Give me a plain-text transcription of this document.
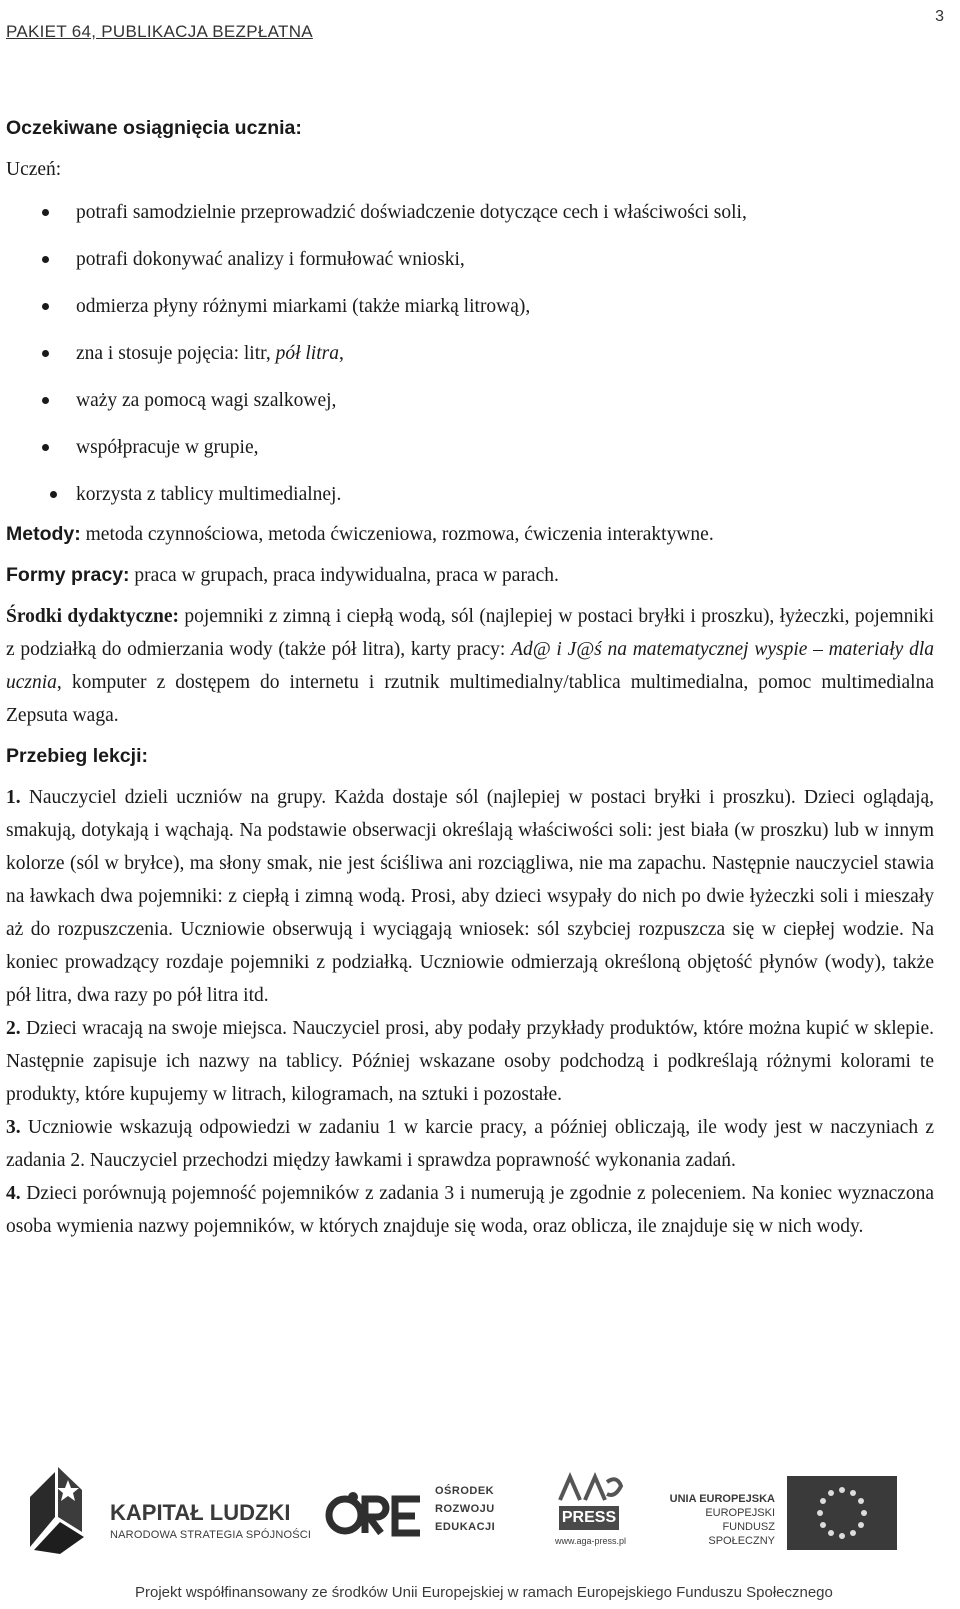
PAKIET 64, PUBLIKACJA BEZPŁATNA
3

Oczekiwane osiągnięcia ucznia:

Uczeń:

potrafi samodzielnie przeprowadzić doświadczenie dotyczące cech i właściwości soli,
potrafi dokonywać analizy i formułować wnioski,
odmierza płyny różnymi miarkami (także miarką litrową),
zna i stosuje pojęcia: litr, pół litra,
waży za pomocą wagi szalkowej,
współpracuje w grupie,
korzysta z tablicy multimedialnej.

Metody: metoda czynnościowa, metoda ćwiczeniowa, rozmowa, ćwiczenia interaktywne.

Formy pracy: praca w grupach, praca indywidualna, praca w parach.

Środki dydaktyczne: pojemniki z zimną i ciepłą wodą, sól (najlepiej w postaci bryłki i proszku), łyżeczki, pojemniki z podziałką do odmierzania wody (także pół litra), karty pracy: Ad@ i J@ś na matematycznej wyspie – materiały dla ucznia, komputer z dostępem do internetu i rzutnik multimedialny/tablica multimedialna, pomoc multimedialna Zepsuta waga.

Przebieg lekcji:

1. Nauczyciel dzieli uczniów na grupy. Każda dostaje sól (najlepiej w postaci bryłki i proszku). Dzieci oglądają, smakują, dotykają i wąchają. Na podstawie obserwacji określają właściwości soli: jest biała (w proszku) lub w innym kolorze (sól w bryłce), ma słony smak, nie jest ściśliwa ani rozciągliwa, nie ma zapachu. Następnie nauczyciel stawia na ławkach dwa pojemniki: z ciepłą i zimną wodą. Prosi, aby dzieci wsypały do nich po dwie łyżeczki soli i mieszały aż do rozpuszczenia. Uczniowie obserwują i wyciągają wniosek: sól szybciej rozpuszcza się w ciepłej wodzie. Na koniec prowadzący rozdaje pojemniki z podziałką. Uczniowie odmierzają określoną objętość płynów (wody), także pół litra, dwa razy po pół litra itd.

2. Dzieci wracają na swoje miejsca. Nauczyciel prosi, aby podały przykłady produktów, które można kupić w sklepie. Następnie zapisuje ich nazwy na tablicy. Później wskazane osoby podchodzą i podkreślają różnymi kolorami te produkty, które kupujemy w litrach, kilogramach, na sztuki i pozostałe.

3. Uczniowie wskazują odpowiedzi w zadaniu 1 w karcie pracy, a później obliczają, ile wody jest w naczyniach z zadania 2. Nauczyciel przechodzi między ławkami i sprawdza poprawność wykonania zadań.

4. Dzieci porównują pojemność pojemników z zadania 3 i numerują je zgodnie z poleceniem. Na koniec wyznaczona osoba wymienia nazwy pojemników, w których znajduje się woda, oraz oblicza, ile znajduje się w nich wody.

KAPITAŁ LUDZKI
NARODOWA STRATEGIA SPÓJNOŚCI
OŚRODEK
ROZWOJU
EDUKACJI
PRESS
www.aga-press.pl
UNIA EUROPEJSKA
EUROPEJSKI
FUNDUSZ SPOŁECZNY
Projekt współfinansowany ze środków Unii Europejskiej w ramach Europejskiego Funduszu Społecznego
